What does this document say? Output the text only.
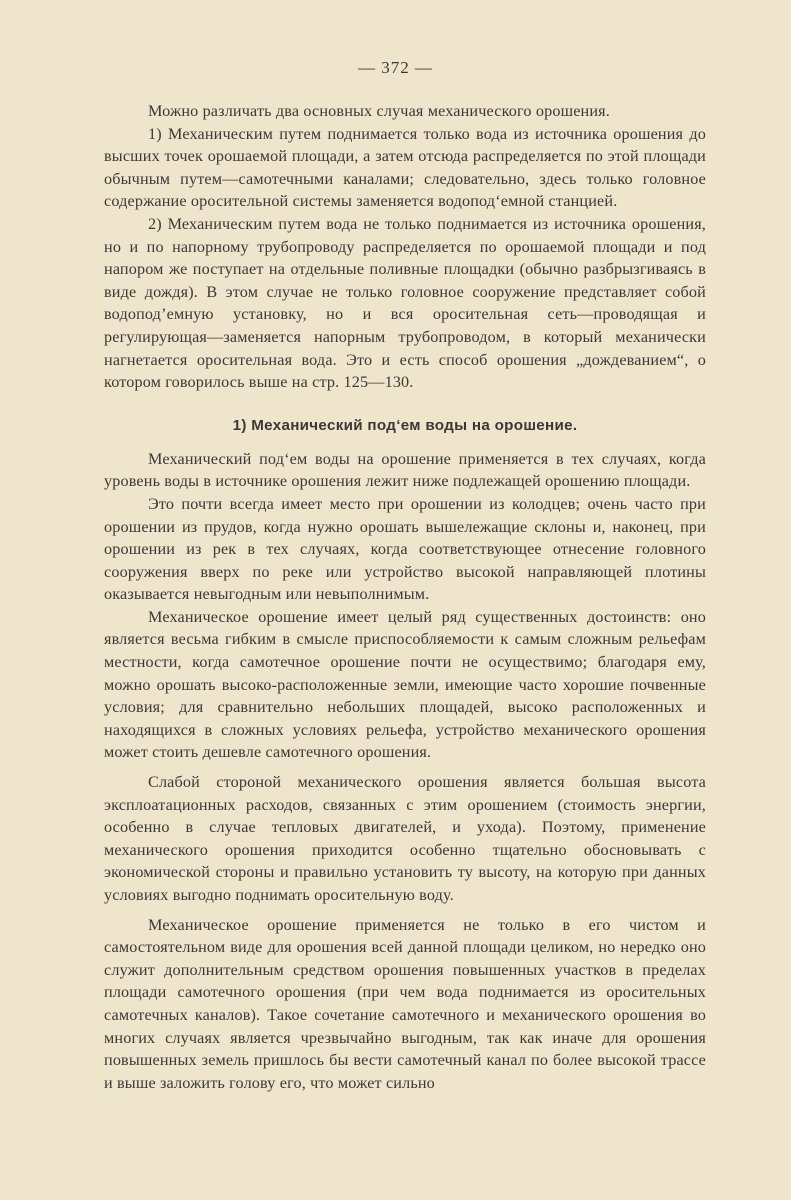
— 372 —

Можно различать два основных случая механического орошения.

1) Механическим путем поднимается только вода из источника орошения до высших точек орошаемой площади, а затем отсюда распределяется по этой площади обычным путем—самотечными каналами; следовательно, здесь только головное содержание оросительной системы заменяется водопод‘емной станцией.

2) Механическим путем вода не только поднимается из источника орошения, но и по напорному трубопроводу распределяется по орошаемой площади и под напором же поступает на отдельные поливные площадки (обычно разбрызгиваясь в виде дождя). В этом случае не только головное сооружение представляет собой водопод’емную установку, но и вся оросительная сеть—проводящая и регулирующая—заменяется напорным трубопроводом, в который механически нагнетается оросительная вода. Это и есть способ орошения „дождеванием“, о котором говорилось выше на стр. 125—130.

1) Механический под‘ем воды на орошение.

Механический под‘ем воды на орошение применяется в тех случаях, когда уровень воды в источнике орошения лежит ниже подлежащей орошению площади.

Это почти всегда имеет место при орошении из колодцев; очень часто при орошении из прудов, когда нужно орошать вышележащие склоны и, наконец, при орошении из рек в тех случаях, когда соответствующее отнесение головного сооружения вверх по реке или устройство высокой направляющей плотины оказывается невыгодным или невыполнимым.

Механическое орошение имеет целый ряд существенных достоинств: оно является весьма гибким в смысле приспособляемости к самым сложным рельефам местности, когда самотечное орошение почти не осуществимо; благодаря ему, можно орошать высоко-расположенные земли, имеющие часто хорошие почвенные условия; для сравнительно небольших площадей, высоко расположенных и находящихся в сложных условиях рельефа, устройство механического орошения может стоить дешевле самотечного орошения.

Слабой стороной механического орошения является большая высота эксплоатационных расходов, связанных с этим орошением (стоимость энергии, особенно в случае тепловых двигателей, и ухода). Поэтому, применение механического орошения приходится особенно тщательно обосновывать с экономической стороны и правильно установить ту высоту, на которую при данных условиях выгодно поднимать оросительную воду.

Механическое орошение применяется не только в его чистом и самостоятельном виде для орошения всей данной площади целиком, но нередко оно служит дополнительным средством орошения повышенных участков в пределах площади самотечного орошения (при чем вода поднимается из оросительных самотечных каналов). Такое сочетание самотечного и механического орошения во многих случаях является чрезвычайно выгодным, так как иначе для орошения повышенных земель пришлось бы вести самотечный канал по более высокой трассе и выше заложить голову его, что может сильно
